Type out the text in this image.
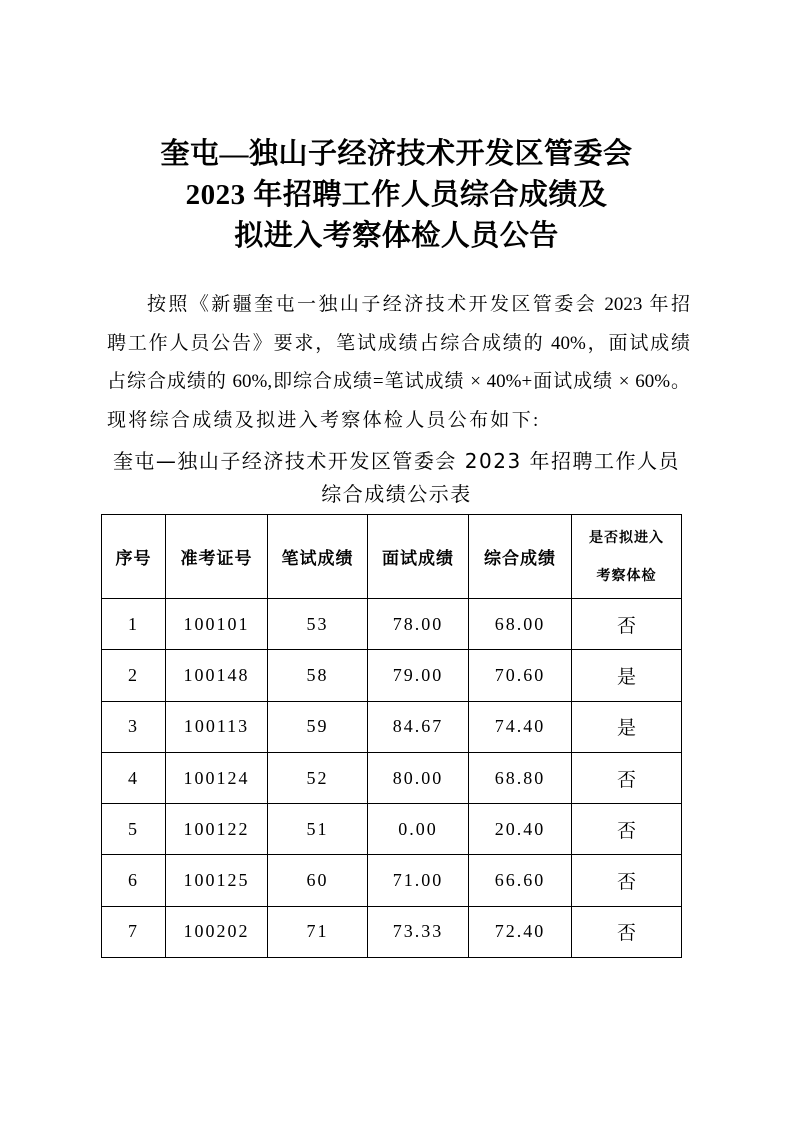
奎屯—独山子经济技术开发区管委会
2023 年招聘工作人员综合成绩及
拟进入考察体检人员公告
按照《新疆奎屯一独山子经济技术开发区管委会 2023 年招
聘工作人员公告》要求，笔试成绩占综合成绩的 40%，面试成绩
占综合成绩的 60%,即综合成绩=笔试成绩 × 40%+面试成绩 × 60%。
现将综合成绩及拟进入考察体检人员公布如下:
奎屯—独山子经济技术开发区管委会 2023 年招聘工作人员
综合成绩公示表
序号	准考证号	笔试成绩	面试成绩	综合成绩	是否拟进入
考察体检

1	100101	53	78.00	68.00	否
2	100148	58	79.00	70.60	是
3	100113	59	84.67	74.40	是
4	100124	52	80.00	68.80	否
5	100122	51	0.00	20.40	否
6	100125	60	71.00	66.60	否
7	100202	71	73.33	72.40	否
